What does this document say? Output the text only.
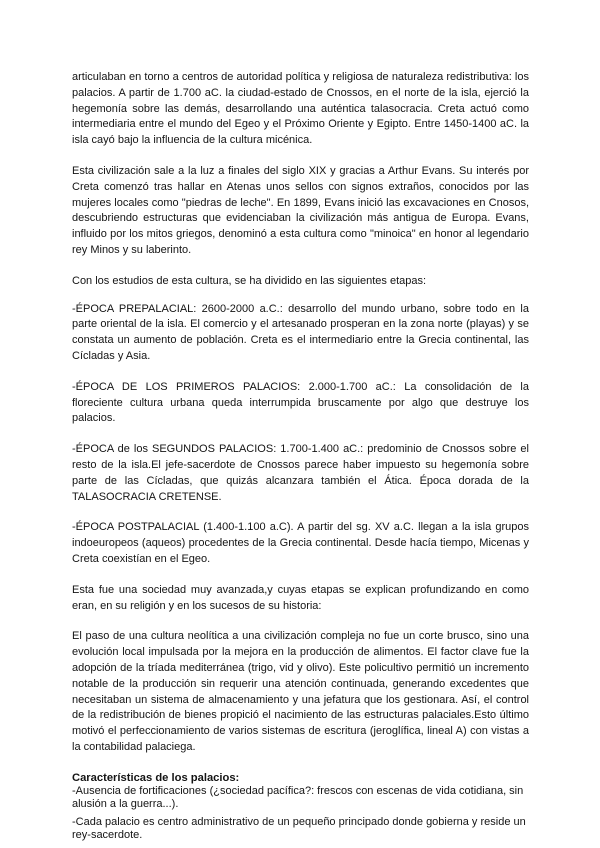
articulaban en torno a centros de autoridad política y religiosa de naturaleza redistributiva: los palacios. A partir de 1.700 aC. la ciudad-estado de Cnossos, en el norte de la isla, ejerció la hegemonía sobre las demás, desarrollando una auténtica talasocracia. Creta actuó como intermediaria entre el mundo del Egeo y el Próximo Oriente y Egipto. Entre 1450-1400 aC. la isla cayó bajo la influencia de la cultura micénica.

Esta civilización sale a la luz a finales del siglo XIX y gracias a Arthur Evans. Su interés por Creta comenzó tras hallar en Atenas unos sellos con signos extraños, conocidos por las mujeres locales como "piedras de leche". En 1899, Evans inició las excavaciones en Cnosos, descubriendo estructuras que evidenciaban la civilización más antigua de Europa. Evans, influido por los mitos griegos, denominó a esta cultura como "minoica" en honor al legendario rey Minos y su laberinto.

Con los estudios de esta cultura, se ha dividido en las siguientes etapas:

-ÉPOCA PREPALACIAL: 2600-2000 a.C.: desarrollo del mundo urbano, sobre todo en la parte oriental de la isla. El comercio y el artesanado prosperan en la zona norte (playas) y se constata un aumento de población. Creta es el intermediario entre la Grecia continental, las Cícladas y Asia.

-ÉPOCA DE LOS PRIMEROS PALACIOS: 2.000-1.700 aC.: La consolidación de la floreciente cultura urbana queda interrumpida bruscamente por algo que destruye los palacios.

-ÉPOCA de los SEGUNDOS PALACIOS: 1.700-1.400 aC.: predominio de Cnossos sobre el resto de la isla.El jefe-sacerdote de Cnossos parece haber impuesto su hegemonía sobre parte de las Cícladas, que quizás alcanzara también el Ática. Época dorada de la TALASOCRACIA CRETENSE.

-ÉPOCA POSTPALACIAL (1.400-1.100 a.C). A partir del sg. XV a.C. llegan a la isla grupos indoeuropeos (aqueos) procedentes de la Grecia continental. Desde hacía tiempo, Micenas y Creta coexistían en el Egeo.

Esta fue una sociedad muy avanzada,y cuyas etapas se explican profundizando en como eran, en su religión y en los sucesos de su historia:

El paso de una cultura neolítica a una civilización compleja no fue un corte brusco, sino una evolución local impulsada por la mejora en la producción de alimentos. El factor clave fue la adopción de la tríada mediterránea (trigo, vid y olivo). Este policultivo permitió un incremento notable de la producción sin requerir una atención continuada, generando excedentes que necesitaban un sistema de almacenamiento y una jefatura que los gestionara. Así, el control de la redistribución de bienes propició el nacimiento de las estructuras palaciales.Esto último motivó el perfeccionamiento de varios sistemas de escritura (jeroglífica, lineal A) con vistas a la contabilidad palaciega.

Características de los palacios:

-Ausencia de fortificaciones (¿sociedad pacífica?: frescos con escenas de vida cotidiana, sin alusión a la guerra...).

-Cada palacio es centro administrativo de un pequeño principado donde gobierna y reside un rey-sacerdote.
